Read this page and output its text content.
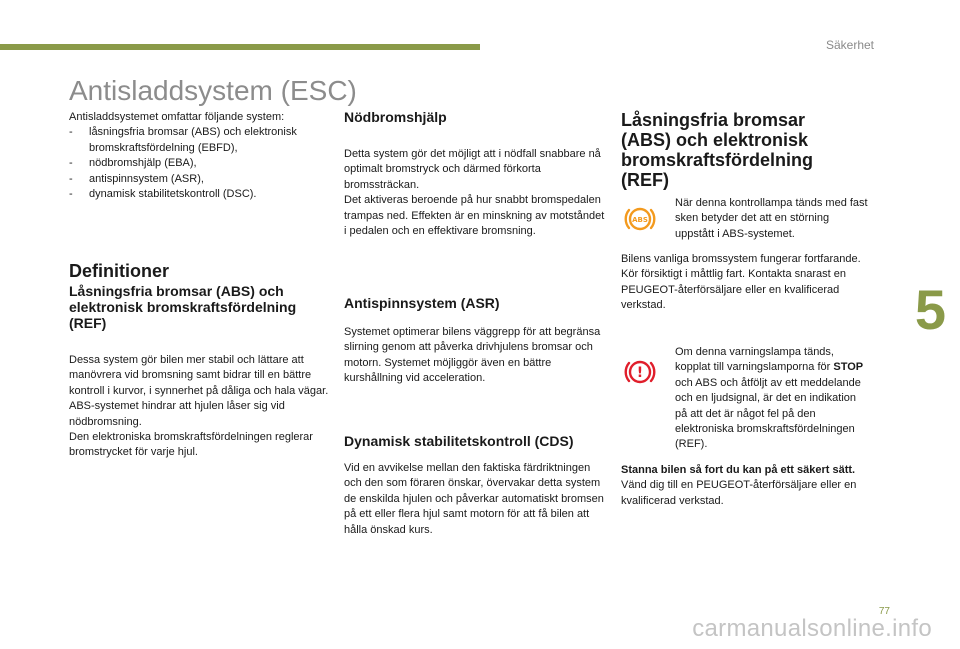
Säkerhet
5
77
carmanualsonline.info
Antisladdsystem (ESC)

Antisladdsystemet omfattar följande system:

- låsningsfria bromsar (ABS) och elektronisk bromskraftsfördelning (EBFD),
- nödbromshjälp (EBA),
- antispinnsystem (ASR),
- dynamisk stabilitetskontroll (DSC).
Definitioner
Låsningsfria bromsar (ABS) och elektronisk bromskraftsfördelning (REF)

Dessa system gör bilen mer stabil och lättare att manövrera vid bromsning samt bidrar till en bättre kontroll i kurvor, i synnerhet på dåliga och hala vägar.

ABS-systemet hindrar att hjulen låser sig vid nödbromsning.

Den elektroniska bromskraftsfördelningen reglerar bromstrycket för varje hjul.

Nödbromshjälp

Detta system gör det möjligt att i nödfall snabbare nå optimalt bromstryck och därmed förkorta bromssträckan.

Det aktiveras beroende på hur snabbt bromspedalen trampas ned. Effekten är en minskning av motståndet i pedalen och en effektivare bromsning.

Antispinnsystem (ASR)

Systemet optimerar bilens väggrepp för att begränsa slirning genom att påverka drivhjulens bromsar och motorn. Systemet möjliggör även en bättre kurshållning vid acceleration.

Dynamisk stabilitetskontroll (CDS)

Vid en avvikelse mellan den faktiska färdriktningen och den som föraren önskar, övervakar detta system de enskilda hjulen och påverkar automatiskt bromsen på ett eller flera hjul samt motorn för att få bilen att hålla önskad kurs.

Låsningsfria bromsar (ABS) och elektronisk bromskraftsfördelning (REF)
ABS

När denna kontrollampa tänds med fast sken betyder det att en störning uppstått i ABS-systemet.

Bilens vanliga bromssystem fungerar fortfarande. Kör försiktigt i måttlig fart. Kontakta snarast en PEUGEOT-återförsäljare eller en kvalificerad verkstad.

!

Om denna varningslampa tänds, kopplat till varningslamporna för STOP och ABS och åtföljt av ett meddelande och en ljudsignal, är det en indikation på att det är något fel på den elektroniska bromskraftsfördelningen (REF).

Stanna bilen så fort du kan på ett säkert sätt.

Vänd dig till en PEUGEOT-återförsäljare eller en kvalificerad verkstad.
